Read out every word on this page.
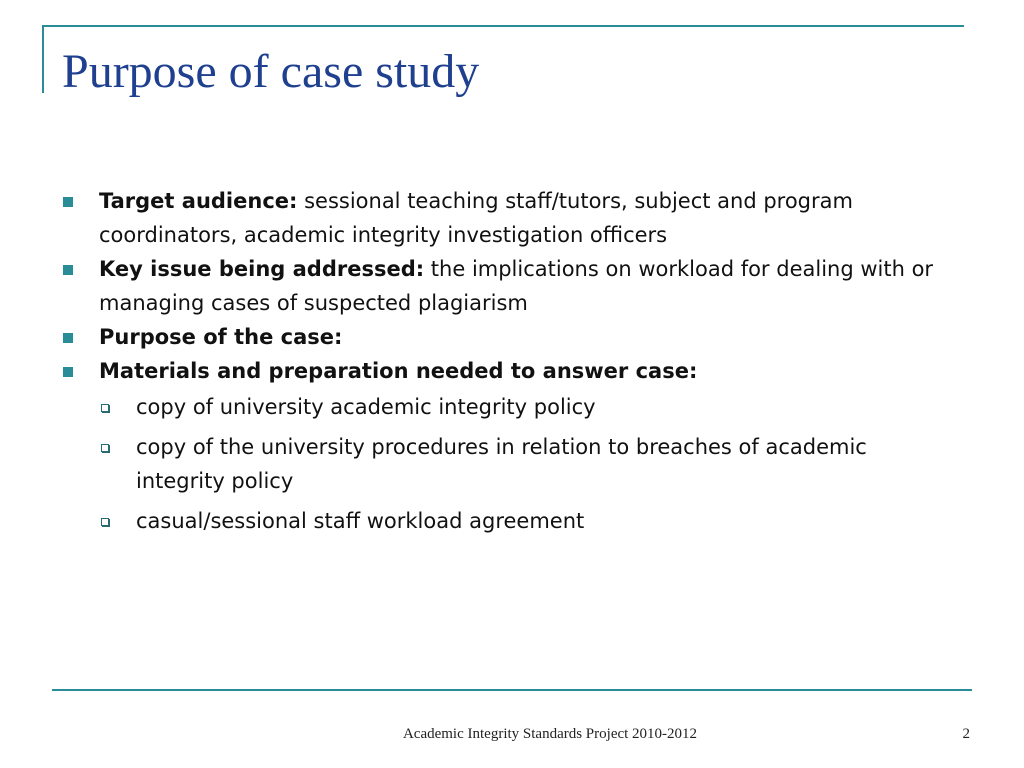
Purpose of case study
Target audience: sessional teaching staff/tutors, subject and program coordinators, academic integrity investigation officers
Key issue being addressed: the implications on workload for dealing with or managing cases of suspected plagiarism
Purpose of the case:
Materials and preparation needed to answer case:
copy of university academic integrity policy
copy of the university procedures in relation to breaches of academic integrity policy
casual/sessional staff workload agreement
Academic Integrity Standards Project 2010-2012	2
